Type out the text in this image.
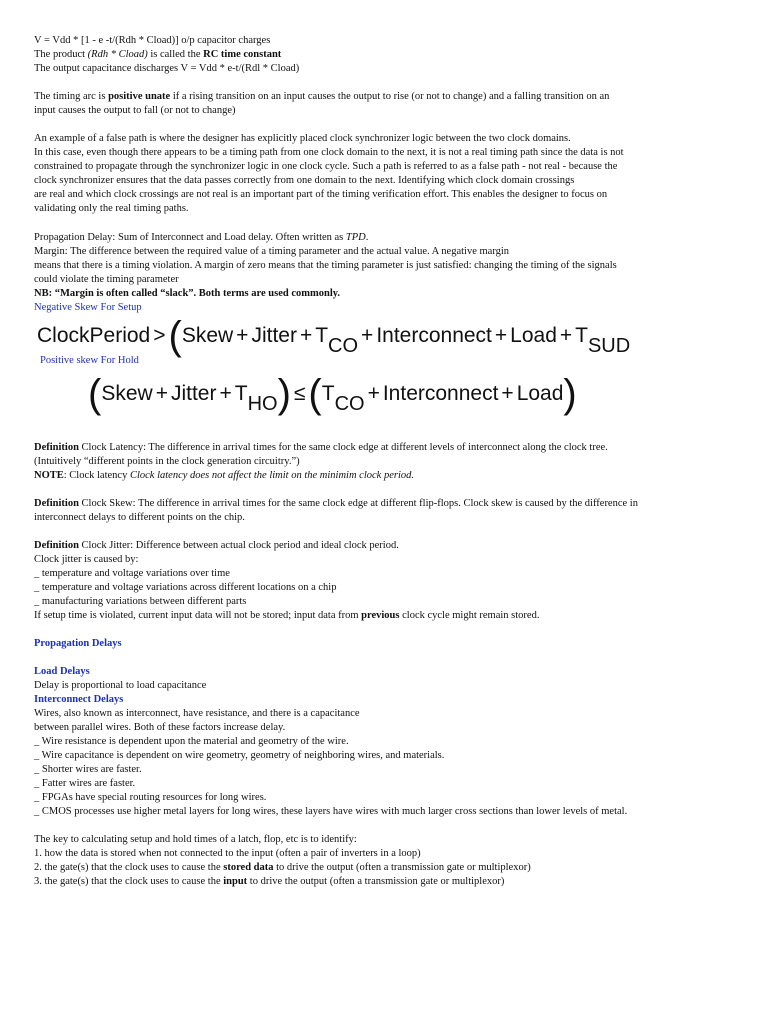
V = Vdd * [1 - e -t/(Rdh * Cload)] o/p capacitor charges
The product (Rdh * Cload) is called the RC time constant
The output capacitance discharges V = Vdd * e-t/(Rdl * Cload)
The timing arc is positive unate if a rising transition on an input causes the output to rise (or not to change) and a falling transition on an
input causes the output to fall (or not to change)
An example of a false path is where the designer has explicitly placed clock synchronizer logic between the two clock domains.
In this case, even though there appears to be a timing path from one clock domain to the next, it is not a real timing path since the data is not
constrained to propagate through the synchronizer logic in one clock cycle. Such a path is referred to as a false path - not real - because the
clock synchronizer ensures that the data passes correctly from one domain to the next. Identifying which clock domain crossings
are real and which clock crossings are not real is an important part of the timing verification effort. This enables the designer to focus on
validating only the real timing paths.
Propagation Delay: Sum of Interconnect and Load delay. Often written as TPD.
Margin: The difference between the required value of a timing parameter and the actual value. A negative margin
means that there is a timing violation. A margin of zero means that the timing parameter is just satisfied: changing the timing of the signals
could violate the timing parameter
NB: “Margin is often called “slack”. Both terms are used commonly.
Negative Skew For Setup
ClockPeriod >(Skew + Jitter + TCO + Interconnect + Load + TSUD
Positive skew For Hold
(Skew + Jitter + THO) ≤(TCO + Interconnect + Load)
Definition Clock Latency: The difference in arrival times for the same clock edge at different levels of interconnect along the clock tree.
(Intuitively “different points in the clock generation circuitry.”)
NOTE: Clock latency Clock latency does not affect the limit on the minimim clock period.
Definition Clock Skew: The difference in arrival times for the same clock edge at different flip-flops. Clock skew is caused by the difference in
interconnect delays to different points on the chip.
Definition Clock Jitter: Difference between actual clock period and ideal clock period.
Clock jitter is caused by:
_ temperature and voltage variations over time
_ temperature and voltage variations across different locations on a chip
_ manufacturing variations between different parts
If setup time is violated, current input data will not be stored; input data from previous clock cycle might remain stored.
Propagation Delays
Load Delays
Delay is proportional to load capacitance
Interconnect Delays
Wires, also known as interconnect, have resistance, and there is a capacitance
between parallel wires. Both of these factors increase delay.
_ Wire resistance is dependent upon the material and geometry of the wire.
_ Wire capacitance is dependent on wire geometry, geometry of neighboring wires, and materials.
_ Shorter wires are faster.
_ Fatter wires are faster.
_ FPGAs have special routing resources for long wires.
_ CMOS processes use higher metal layers for long wires, these layers have wires with much larger cross sections than lower levels of metal.
The key to calculating setup and hold times of a latch, flop, etc is to identify:
1. how the data is stored when not connected to the input (often a pair of inverters in a loop)
2. the gate(s) that the clock uses to cause the stored data to drive the output (often a transmission gate or multiplexor)
3. the gate(s) that the clock uses to cause the input to drive the output (often a transmission gate or multiplexor)
